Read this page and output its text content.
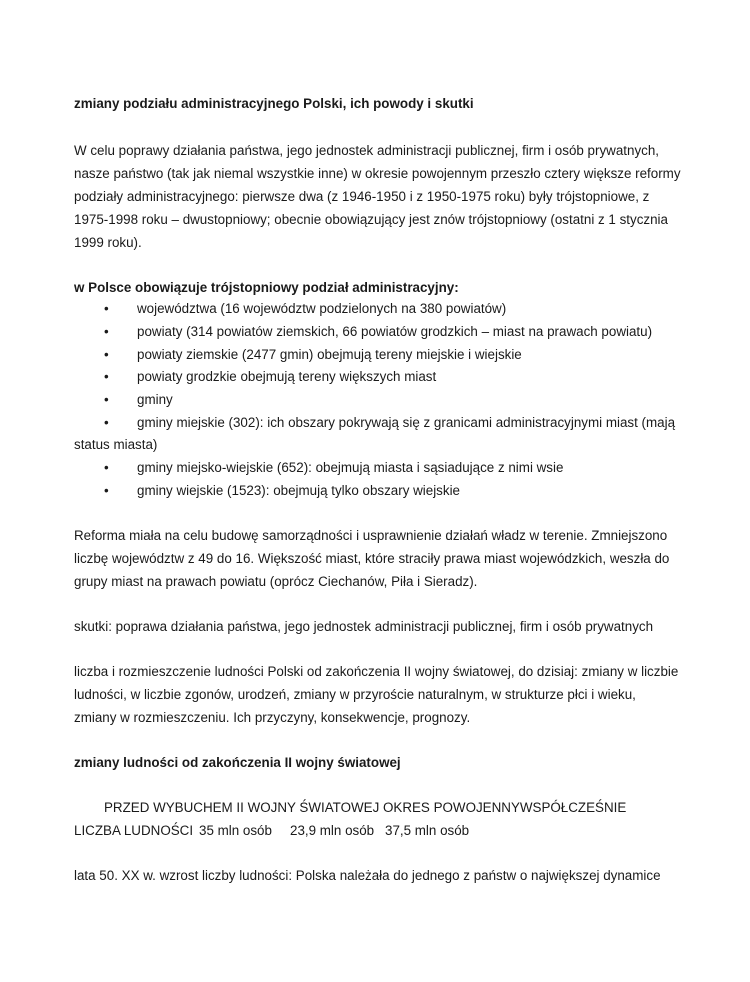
zmiany podziału administracyjnego Polski, ich powody i skutki
W celu poprawy działania państwa, jego jednostek administracji publicznej, firm i osób prywatnych,
nasze państwo (tak jak niemal wszystkie inne) w okresie powojennym przeszło cztery większe reformy
podziały administracyjnego: pierwsze dwa (z 1946-1950 i z 1950-1975 roku) były trójstopniowe, z
1975-1998 roku – dwustopniowy; obecnie obowiązujący jest znów trójstopniowy (ostatni z 1 stycznia
1999 roku).
w Polsce obowiązuje trójstopniowy podział administracyjny:
• województwa (16 województw podzielonych na 380 powiatów)
• powiaty (314 powiatów ziemskich, 66 powiatów grodzkich – miast na prawach powiatu)
• powiaty ziemskie (2477 gmin) obejmują tereny miejskie i wiejskie
• powiaty grodzkie obejmują tereny większych miast
• gminy
• gminy miejskie (302): ich obszary pokrywają się z granicami administracyjnymi miast (mają
status miasta)
• gminy miejsko-wiejskie (652): obejmują miasta i sąsiadujące z nimi wsie
• gminy wiejskie (1523): obejmują tylko obszary wiejskie
Reforma miała na celu budowę samorządności i usprawnienie działań władz w terenie. Zmniejszono
liczbę województw z 49 do 16. Większość miast, które straciły prawa miast wojewódzkich, weszła do
grupy miast na prawach powiatu (oprócz Ciechanów, Piła i Sieradz).
skutki: poprawa działania państwa, jego jednostek administracji publicznej, firm i osób prywatnych
liczba i rozmieszczenie ludności Polski od zakończenia II wojny światowej, do dzisiaj: zmiany w liczbie
ludności, w liczbie zgonów, urodzeń, zmiany w przyroście naturalnym, w strukturze płci i wieku,
zmiany w rozmieszczeniu. Ich przyczyny, konsekwencje, prognozy.
zmiany ludności od zakończenia II wojny światowej
PRZED WYBUCHEM II WOJNY ŚWIATOWEJ OKRES POWOJENNYWSPÓŁCZEŚNIE
LICZBA LUDNOŚCI 35 mln osób 23,9 mln osób 37,5 mln osób
lata 50. XX w. wzrost liczby ludności: Polska należała do jednego z państw o największej dynamice
